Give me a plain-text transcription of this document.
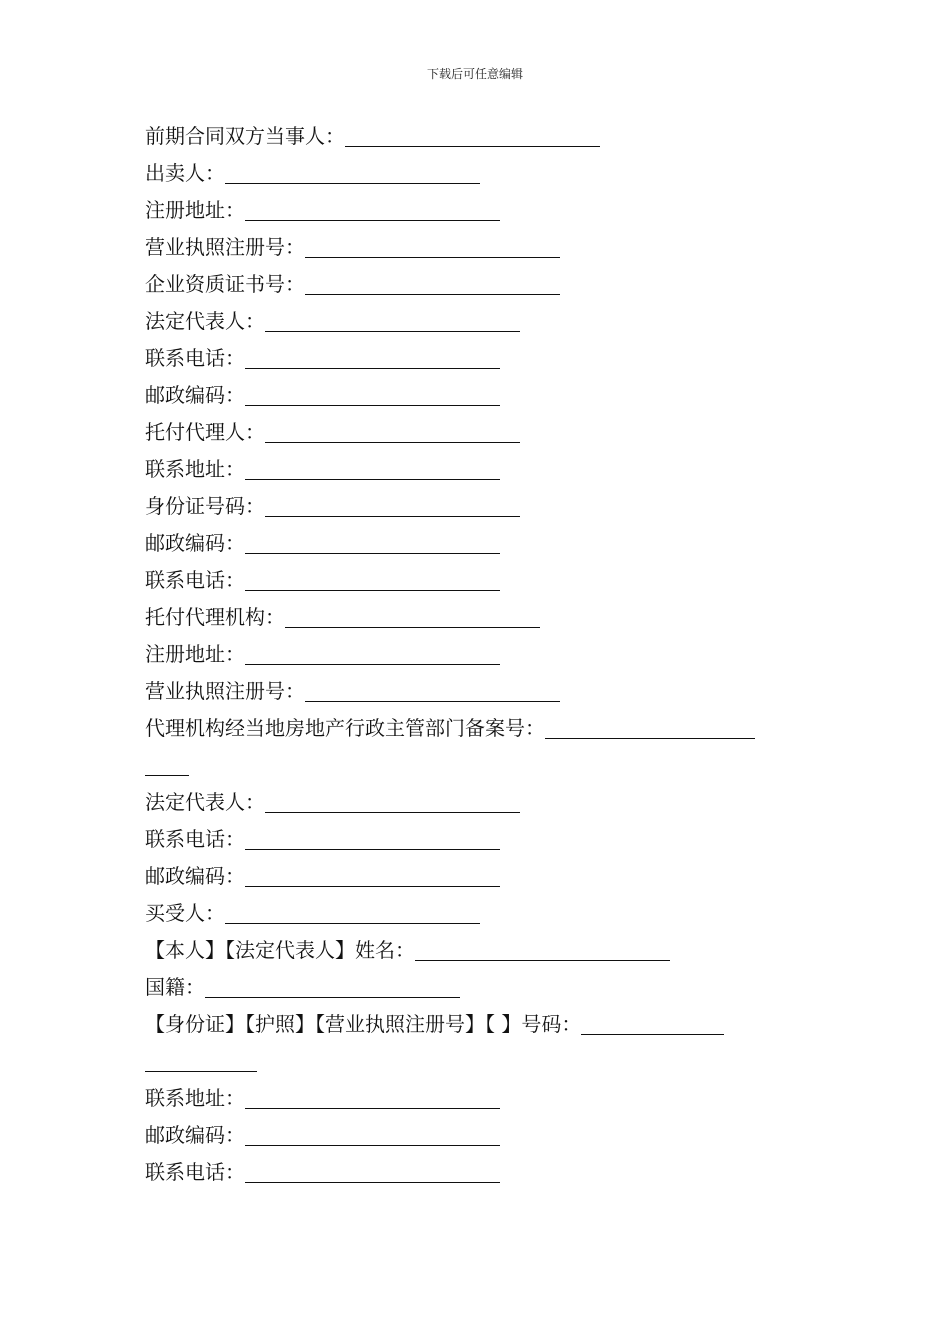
下载后可任意编辑
前期合同双方当事人：
出卖人：
注册地址：
营业执照注册号：
企业资质证书号：
法定代表人：
联系电话：
邮政编码：
托付代理人：
联系地址：
身份证号码：
邮政编码：
联系电话：
托付代理机构：
注册地址：
营业执照注册号：
代理机构经当地房地产行政主管部门备案号：
法定代表人：
联系电话：
邮政编码：
买受人：
【本人】【法定代表人】姓名：
国籍：
【身份证】【护照】【营业执照注册号】【 】号码：
联系地址：
邮政编码：
联系电话：
